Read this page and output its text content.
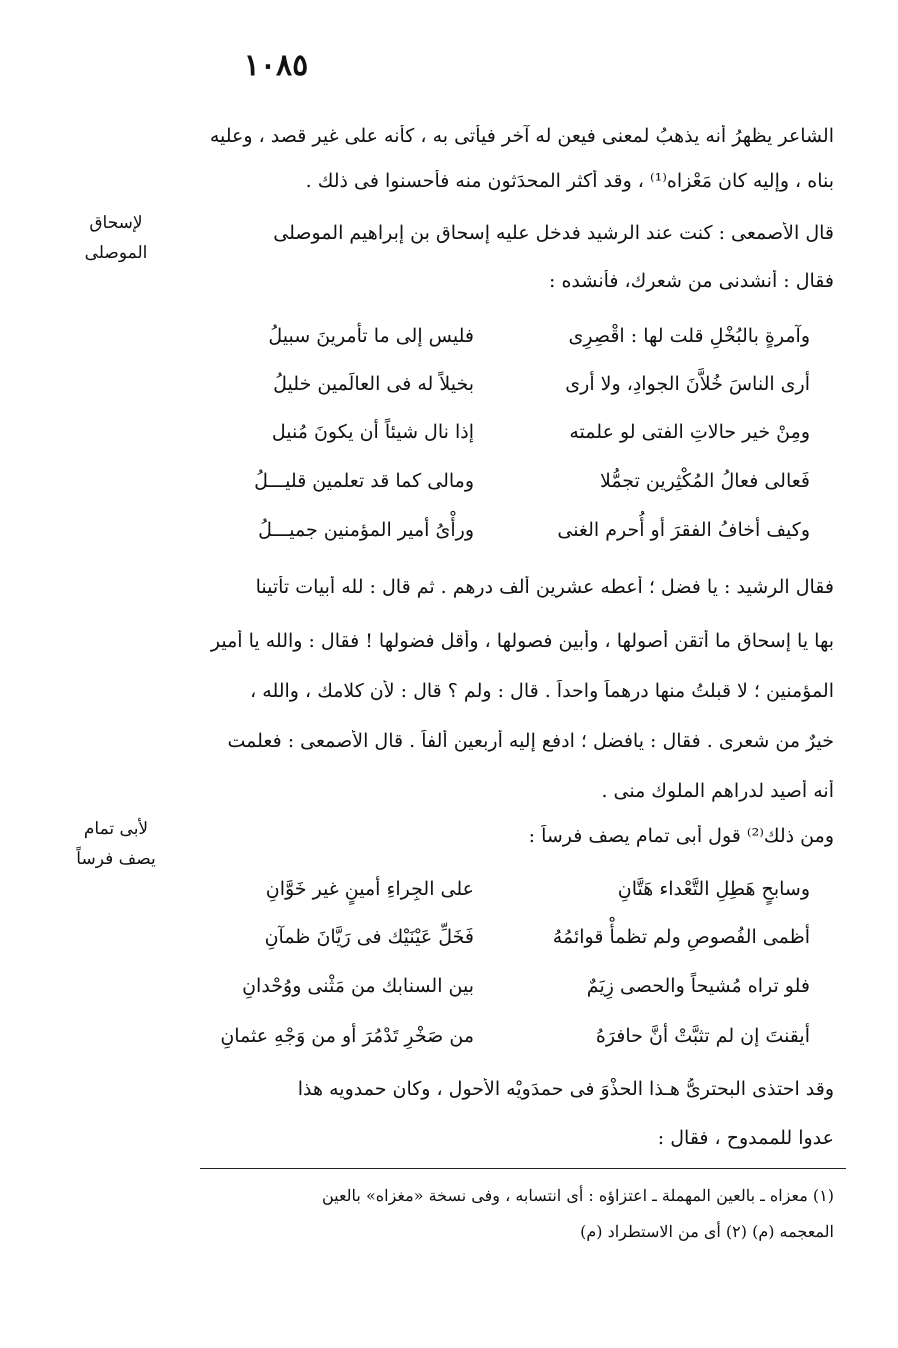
١٠٨٥
لإسحاق
الموصلى
لأبى تمام
يصف فرساً
الشاعر يظهرُ أنه يذهبُ لمعنى فيعن له آخر فيأتى به ، كأنه على غير قصد ، وعليه
بناه ، وإليه كان مَعْزاه⁽¹⁾ ، وقد أكثر المحدَثون منه فأحسنوا فى ذلك .
قال الأصمعى : كنت عند الرشيد فدخل عليه إسحاق بن إبراهيم الموصلى
فقال : أنشدنى من شعرك، فأنشده :
وآمرةٍ بالبُخْلِ قلت لها : اقْصِرِى
فليس إلى ما تأمرينَ سبيلُ
أرى الناسَ خُلاَّنَ الجوادِ، ولا أرى
بخيلاً له فى العالَمين خليلُ
ومِنْ خير حالاتِ الفتى لو علمته
إذا نال شيئاً أن يكونَ مُنيل
فَعالى فعالُ المُكْثِرين تجمُّلا
ومالى كما قد تعلمين قليـــلُ
وكيف أخافُ الفقرَ أو أُحرم الغنى
ورأْىُ أمير المؤمنين جميـــلُ
فقال الرشيد : يا فضل ؛ أعطه عشرين ألف درهم . ثم قال : لله أبيات تأتينا
بها يا إسحاق ما أتقن أصولها ، وأبين فصولها ، وأقل فضولها ! فقال : والله يا أمير
المؤمنين ؛ لا قبلتُ منها درهماً واحداً . قال : ولم ؟ قال : لأن كلامك ، والله ،
خيرٌ من شعرى . فقال : يافضل ؛ ادفع إليه أربعين ألفاً . قال الأصمعى : فعلمت
أنه أصيد لدراهم الملوك منى .
ومن ذلك⁽²⁾ قول أبى تمام يصف فرساً :
وسابحٍ هَطِلِ التَّعْداء هَتَّانِ
على الجِراءِ أمينٍ غير خَوَّانِ
أظمى الفُصوصِ ولم تظمأْ قوائمُهُ
فَخَلِّ عَيْنَيْك فى رَيَّانَ ظمآنِ
فلو تراه مُشيحاً والحصى زِيَمٌ
بين السنابك من مَثْنى ووُحْدانِ
أيقنتَ إن لم تثبَّتْ أنَّ حافرَهُ
من صَخْرِ تَدْمُرَ أو من وَجْهِ عثمانِ
وقد احتذى البحترىُّ هـذا الحذْوَ فى حمدَويْه الأحول ، وكان حمدويه هذا
عدوا للممدوح ، فقال :
(١) معزاه ـ بالعين المهملة ـ اعتزاؤه : أى انتسابه ، وفى نسخة «مغزاه» بالعين
المعجمه (م) (٢) أى من الاستطراد (م)
